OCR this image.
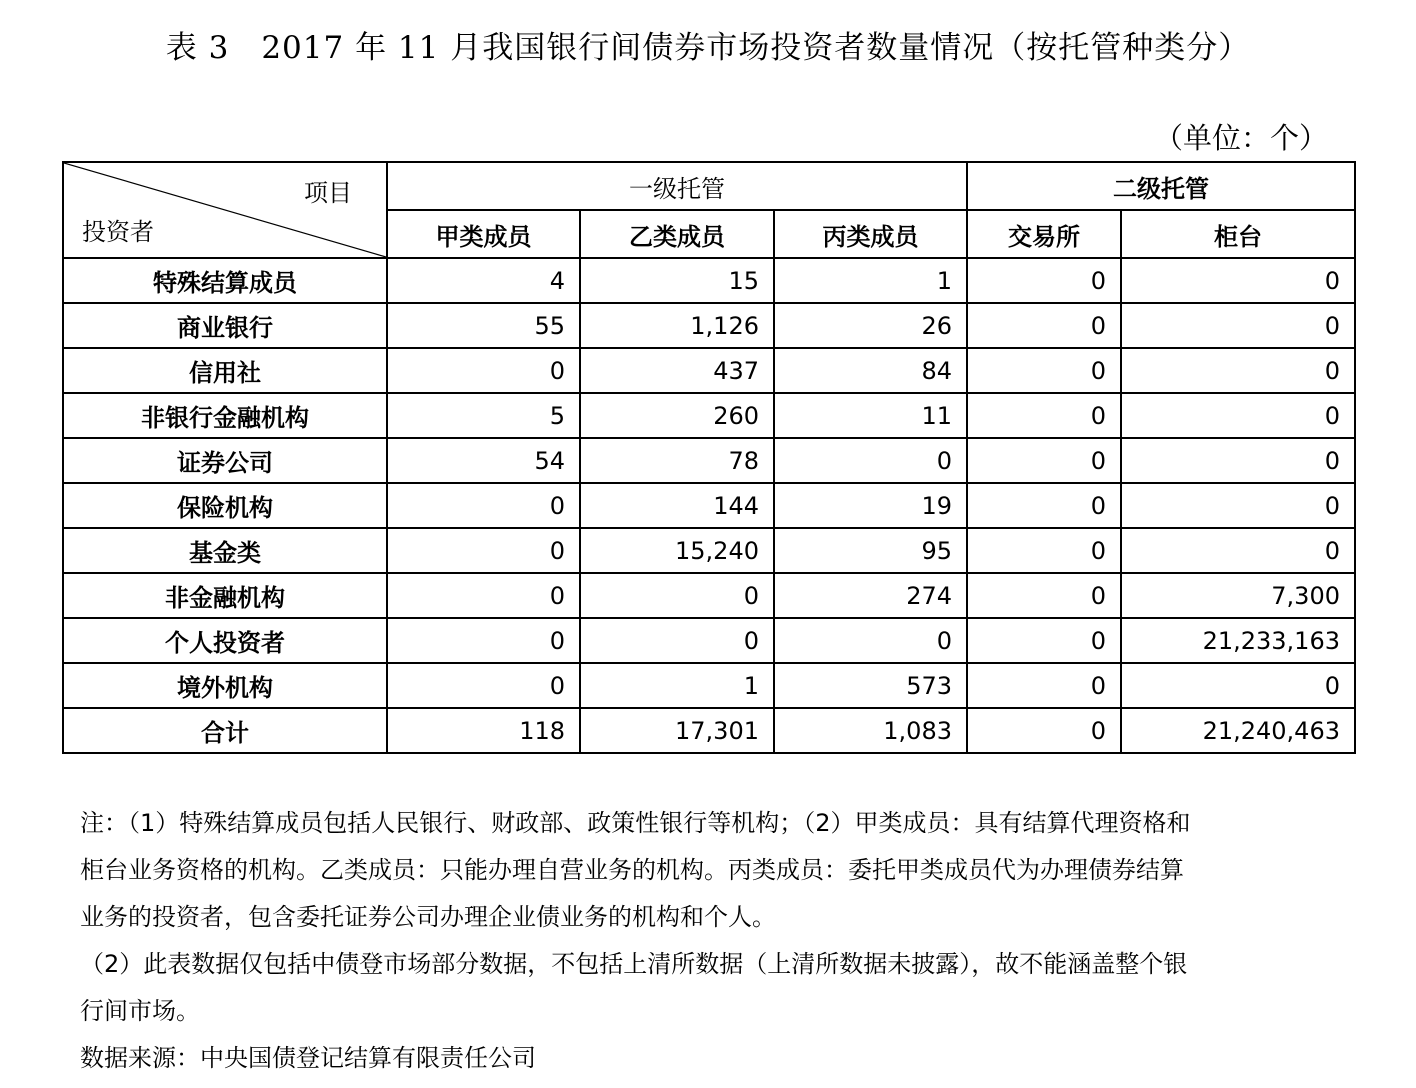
表 3　2017 年 11 月我国银行间债券市场投资者数量情况（按托管种类分）
（单位：个）
项目
投资者	一级托管			二级托管	
	甲类成员	乙类成员	丙类成员	交易所	柜台
特殊结算成员	4	15	1	0	0
商业银行	55	1,126	26	0	0
信用社	0	437	84	0	0
非银行金融机构	5	260	11	0	0
证券公司	54	78	0	0	0
保险机构	0	144	19	0	0
基金类	0	15,240	95	0	0
非金融机构	0	0	274	0	7,300
个人投资者	0	0	0	0	21,233,163
境外机构	0	1	573	0	0
合计	118	17,301	1,083	0	21,240,463

注：（1）特殊结算成员包括人民银行、财政部、政策性银行等机构；（2）甲类成员：具有结算代理资格和

柜台业务资格的机构。乙类成员：只能办理自营业务的机构。丙类成员：委托甲类成员代为办理债券结算

业务的投资者，包含委托证券公司办理企业债业务的机构和个人。

（2）此表数据仅包括中债登市场部分数据，不包括上清所数据（上清所数据未披露），故不能涵盖整个银

行间市场。

数据来源：中央国债登记结算有限责任公司
